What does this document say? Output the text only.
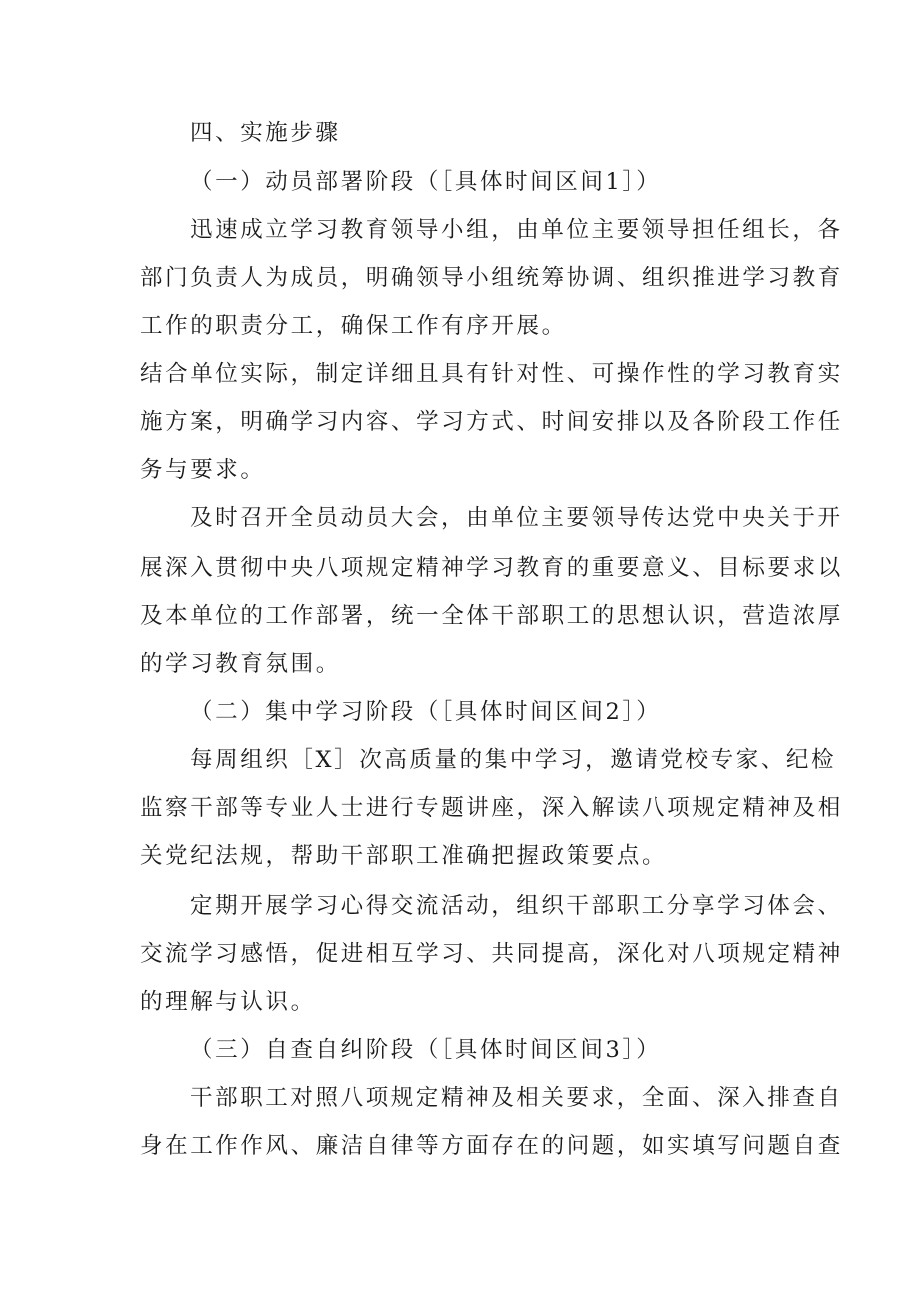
四、实施步骤
（一）动员部署阶段（［具体时间区间1］）
迅速成立学习教育领导小组，由单位主要领导担任组长，各
部门负责人为成员，明确领导小组统筹协调、组织推进学习教育
工作的职责分工，确保工作有序开展。
结合单位实际，制定详细且具有针对性、可操作性的学习教育实
施方案，明确学习内容、学习方式、时间安排以及各阶段工作任
务与要求。
及时召开全员动员大会，由单位主要领导传达党中央关于开
展深入贯彻中央八项规定精神学习教育的重要意义、目标要求以
及本单位的工作部署，统一全体干部职工的思想认识，营造浓厚
的学习教育氛围。
（二）集中学习阶段（［具体时间区间2］）
每周组织［X］次高质量的集中学习，邀请党校专家、纪检
监察干部等专业人士进行专题讲座，深入解读八项规定精神及相
关党纪法规，帮助干部职工准确把握政策要点。
定期开展学习心得交流活动，组织干部职工分享学习体会、
交流学习感悟，促进相互学习、共同提高，深化对八项规定精神
的理解与认识。
（三）自查自纠阶段（［具体时间区间3］）
干部职工对照八项规定精神及相关要求，全面、深入排查自
身在工作作风、廉洁自律等方面存在的问题，如实填写问题自查
